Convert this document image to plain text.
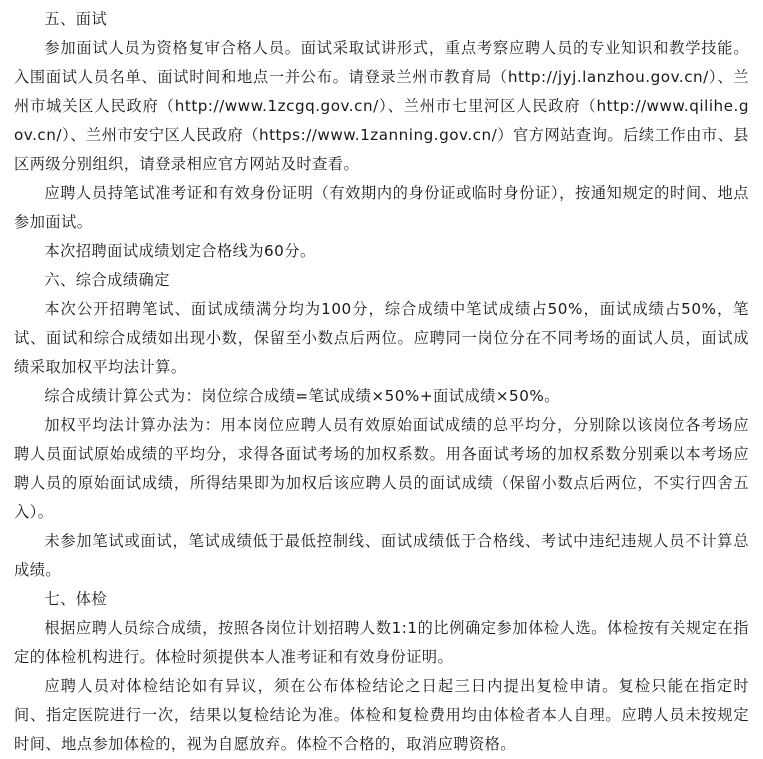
五、面试

参加面试人员为资格复审合格人员。面试采取试讲形式，重点考察应聘人员的专业知识和教学技能。入围面试人员名单、面试时间和地点一并公布。请登录兰州市教育局（http://jyj.lanzhou.gov.cn/）、兰州市城关区人民政府（http://www.1zcgq.gov.cn/）、兰州市七里河区人民政府（http://www.qilihe.gov.cn/）、兰州市安宁区人民政府（https://www.1zanning.gov.cn/）官方网站查询。后续工作由市、县区两级分别组织，请登录相应官方网站及时查看。

应聘人员持笔试准考证和有效身份证明（有效期内的身份证或临时身份证），按通知规定的时间、地点参加面试。

本次招聘面试成绩划定合格线为60分。

六、综合成绩确定

本次公开招聘笔试、面试成绩满分均为100分，综合成绩中笔试成绩占50%，面试成绩占50%，笔试、面试和综合成绩如出现小数，保留至小数点后两位。应聘同一岗位分在不同考场的面试人员，面试成绩采取加权平均法计算。

综合成绩计算公式为：岗位综合成绩=笔试成绩×50%+面试成绩×50%。

加权平均法计算办法为：用本岗位应聘人员有效原始面试成绩的总平均分，分别除以该岗位各考场应聘人员面试原始成绩的平均分，求得各面试考场的加权系数。用各面试考场的加权系数分别乘以本考场应聘人员的原始面试成绩，所得结果即为加权后该应聘人员的面试成绩（保留小数点后两位，不实行四舍五入）。

未参加笔试或面试，笔试成绩低于最低控制线、面试成绩低于合格线、考试中违纪违规人员不计算总成绩。

七、体检

根据应聘人员综合成绩，按照各岗位计划招聘人数1:1的比例确定参加体检人选。体检按有关规定在指定的体检机构进行。体检时须提供本人准考证和有效身份证明。

应聘人员对体检结论如有异议，须在公布体检结论之日起三日内提出复检申请。复检只能在指定时间、指定医院进行一次，结果以复检结论为准。体检和复检费用均由体检者本人自理。应聘人员未按规定时间、地点参加体检的，视为自愿放弃。体检不合格的，取消应聘资格。
